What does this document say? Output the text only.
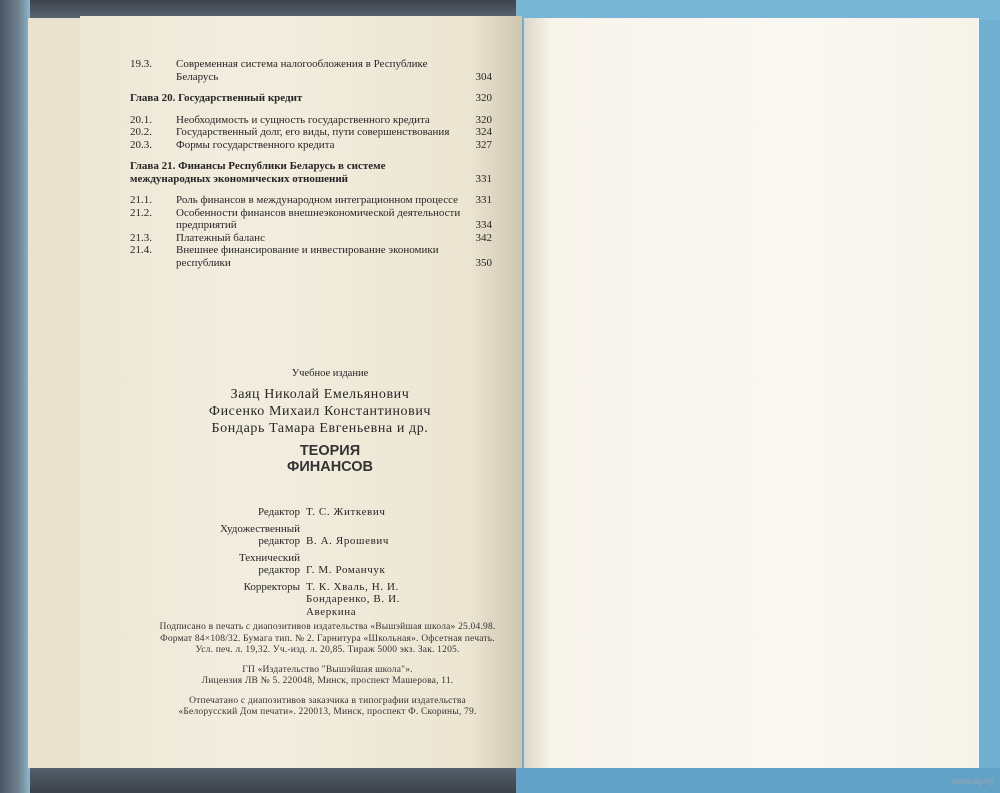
19.3.	Современная система налогообложения в Республике Беларусь	304
Глава 20. Государственный кредит	320
20.1.	Необходимость и сущность государственного кредита	320
20.2.	Государственный долг, его виды, пути совершенствования	324
20.3.	Формы государственного кредита	327
Глава 21. Финансы Республики Беларусь в системе международных экономических отношений	331
21.1.	Роль финансов в международном интеграционном процессе	331
21.2.	Особенности финансов внешнеэкономической деятельности предприятий	334
21.3.	Платежный баланс	342
21.4.	Внешнее финансирование и инвестирование экономики республики	350
Учебное издание
Заяц Николай Емельянович
Фисенко Михаил Константинович
Бондарь Тамара Евгеньевна и др.
ТЕОРИЯ
ФИНАНСОВ
Редактор Т. С. Житкевич
Художественный редактор В. А. Ярошевич
Технический редактор Г. М. Романчук
Корректоры Т. К. Хваль, Н. И. Бондаренко, В. И. Аверкина

Подписано в печать с диапозитивов издательства «Вышэйшая школа» 25.04.98.

Формат 84×108/32. Бумага тип. № 2. Гарнитура «Школьная». Офсетная печать.

Усл. печ. л. 19,32. Уч.-изд. л. 20,85. Тираж 5000 экз. Зак. 1205.

ГП «Издательство "Вышэйшая школа"».

Лицензия ЛВ № 5. 220048, Минск, проспект Машерова, 11.

Отпечатано с диапозитивов заказчика в типографии издательства

«Белорусский Дом печати». 220013, Минск, проспект Ф. Скорины, 79.

www.ay.by
